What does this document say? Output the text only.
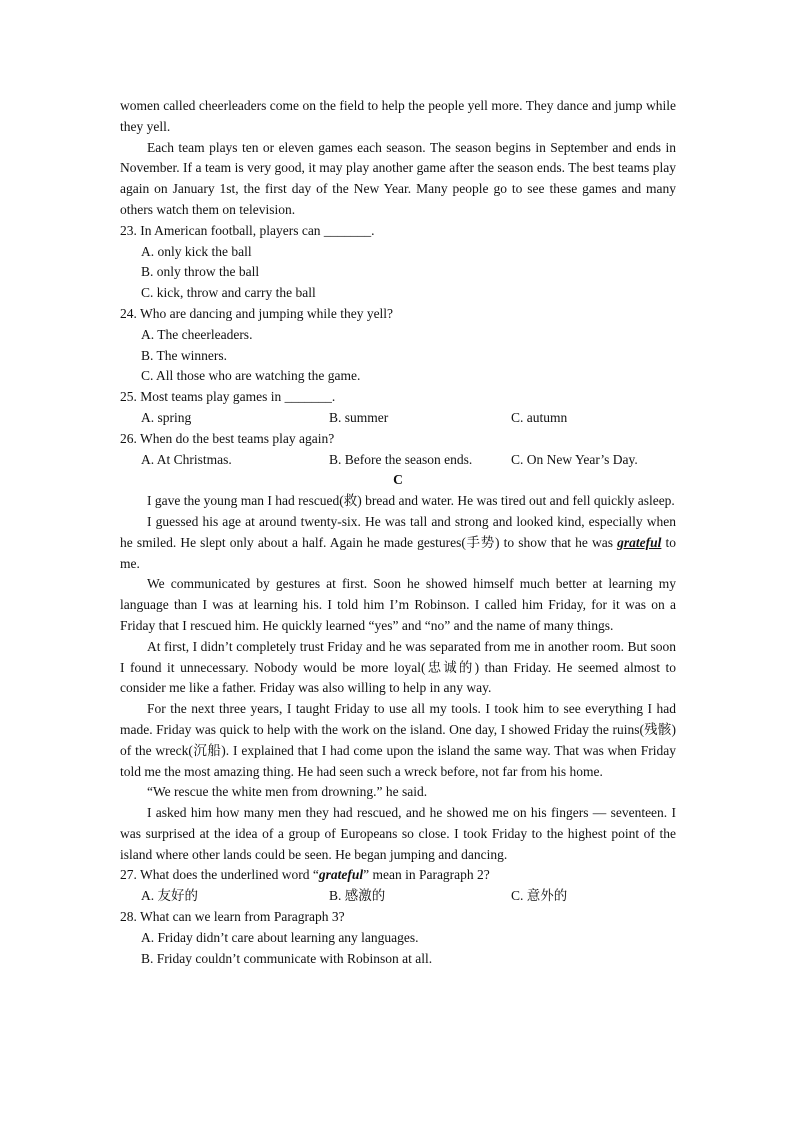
women called cheerleaders come on the field to help the people yell more. They dance and jump while they yell.

Each team plays ten or eleven games each season. The season begins in September and ends in November. If a team is very good, it may play another game after the season ends. The best teams play again on January 1st, the first day of the New Year. Many people go to see these games and many others watch them on television.

23. In American football, players can _______.

A. only kick the ball

B. only throw the ball

C. kick, throw and carry the ball

24. Who are dancing and jumping while they yell?

A. The cheerleaders.

B. The winners.

C. All those who are watching the game.

25. Most teams play games in _______.

A. spring	B. summer	C. autumn

26. When do the best teams play again?

A. At Christmas.	B. Before the season ends.	C. On New Year’s Day.

C

I gave the young man I had rescued(救) bread and water. He was tired out and fell quickly asleep.

I guessed his age at around twenty-six. He was tall and strong and looked kind, especially when he smiled. He slept only about a half. Again he made gestures(手势) to show that he was grateful to me.

We communicated by gestures at first. Soon he showed himself much better at learning my language than I was at learning his. I told him I’m Robinson. I called him Friday, for it was on a Friday that I rescued him. He quickly learned “yes” and “no” and the name of many things.

At first, I didn’t completely trust Friday and he was separated from me in another room. But soon I found it unnecessary. Nobody would be more loyal(忠诚的) than Friday. He seemed almost to consider me like a father. Friday was also willing to help in any way.

For the next three years, I taught Friday to use all my tools. I took him to see everything I had made. Friday was quick to help with the work on the island. One day, I showed Friday the ruins(残骸) of the wreck(沉船). I explained that I had come upon the island the same way. That was when Friday told me the most amazing thing. He had seen such a wreck before, not far from his home.

“We rescue the white men from drowning.” he said.

I asked him how many men they had rescued, and he showed me on his fingers — seventeen. I was surprised at the idea of a group of Europeans so close. I took Friday to the highest point of the island where other lands could be seen. He began jumping and dancing.

27. What does the underlined word “grateful” mean in Paragraph 2?

A. 友好的	B. 感激的	C. 意外的

28. What can we learn from Paragraph 3?

A. Friday didn’t care about learning any languages.

B. Friday couldn’t communicate with Robinson at all.
